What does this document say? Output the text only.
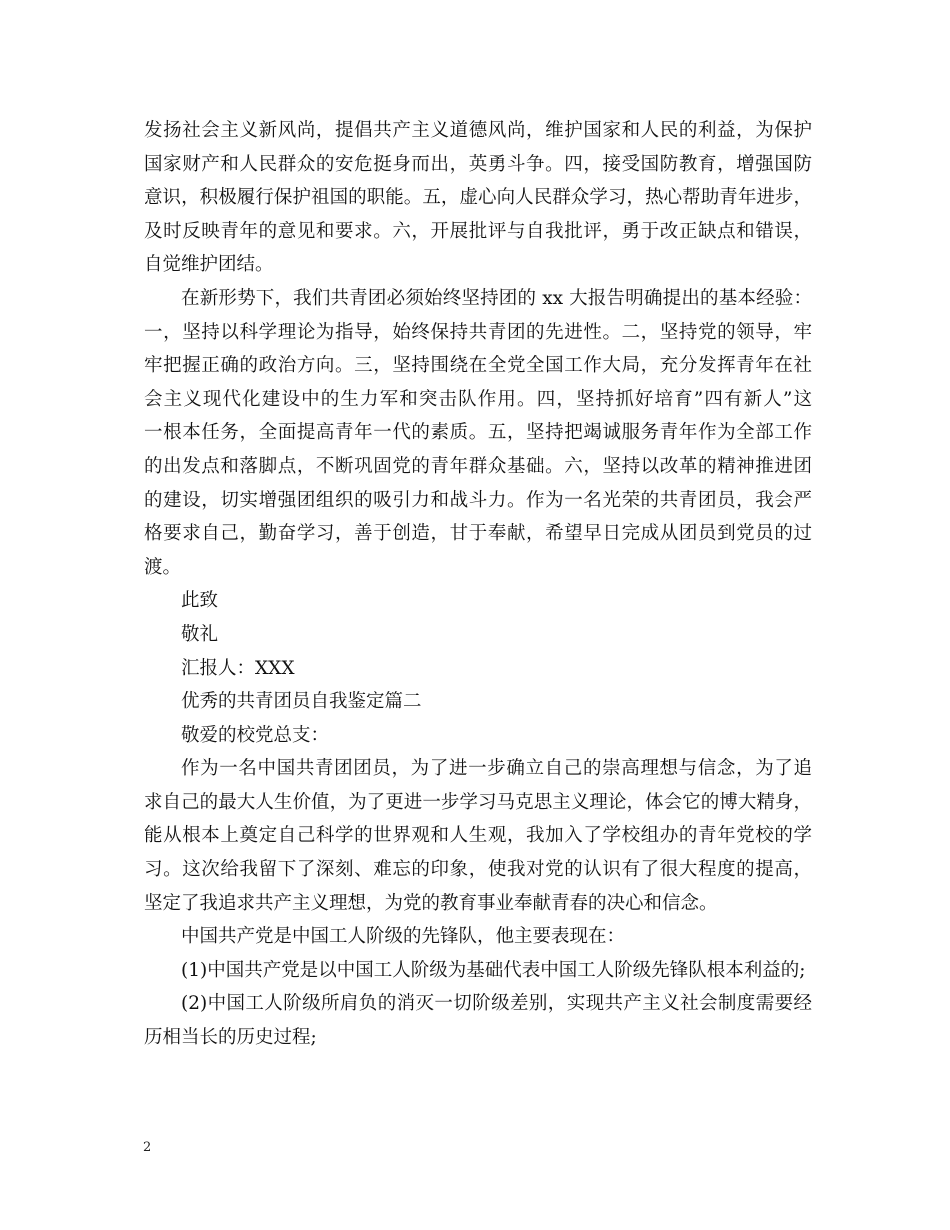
发扬社会主义新风尚，提倡共产主义道德风尚，维护国家和人民的利益，为保护
国家财产和人民群众的安危挺身而出，英勇斗争。四，接受国防教育，增强国防
意识，积极履行保护祖国的职能。五，虚心向人民群众学习，热心帮助青年进步，
及时反映青年的意见和要求。六，开展批评与自我批评，勇于改正缺点和错误，
自觉维护团结。
在新形势下，我们共青团必须始终坚持团的 xx 大报告明确提出的基本经验：
一，坚持以科学理论为指导，始终保持共青团的先进性。二，坚持党的领导，牢
牢把握正确的政治方向。三，坚持围绕在全党全国工作大局，充分发挥青年在社
会主义现代化建设中的生力军和突击队作用。四，坚持抓好培育”四有新人”这
一根本任务，全面提高青年一代的素质。五，坚持把竭诚服务青年作为全部工作
的出发点和落脚点，不断巩固党的青年群众基础。六，坚持以改革的精神推进团
的建设，切实增强团组织的吸引力和战斗力。作为一名光荣的共青团员，我会严
格要求自己，勤奋学习，善于创造，甘于奉献，希望早日完成从团员到党员的过
渡。
此致
敬礼
汇报人：XXX
优秀的共青团员自我鉴定篇二
敬爱的校党总支：
作为一名中国共青团团员，为了进一步确立自己的崇高理想与信念，为了追
求自己的最大人生价值，为了更进一步学习马克思主义理论，体会它的博大精身，
能从根本上奠定自己科学的世界观和人生观，我加入了学校组办的青年党校的学
习。这次给我留下了深刻、难忘的印象，使我对党的认识有了很大程度的提高，
坚定了我追求共产主义理想，为党的教育事业奉献青春的决心和信念。
中国共产党是中国工人阶级的先锋队，他主要表现在：
(1)中国共产党是以中国工人阶级为基础代表中国工人阶级先锋队根本利益的;
(2)中国工人阶级所肩负的消灭一切阶级差别，实现共产主义社会制度需要经
历相当长的历史过程;
2
